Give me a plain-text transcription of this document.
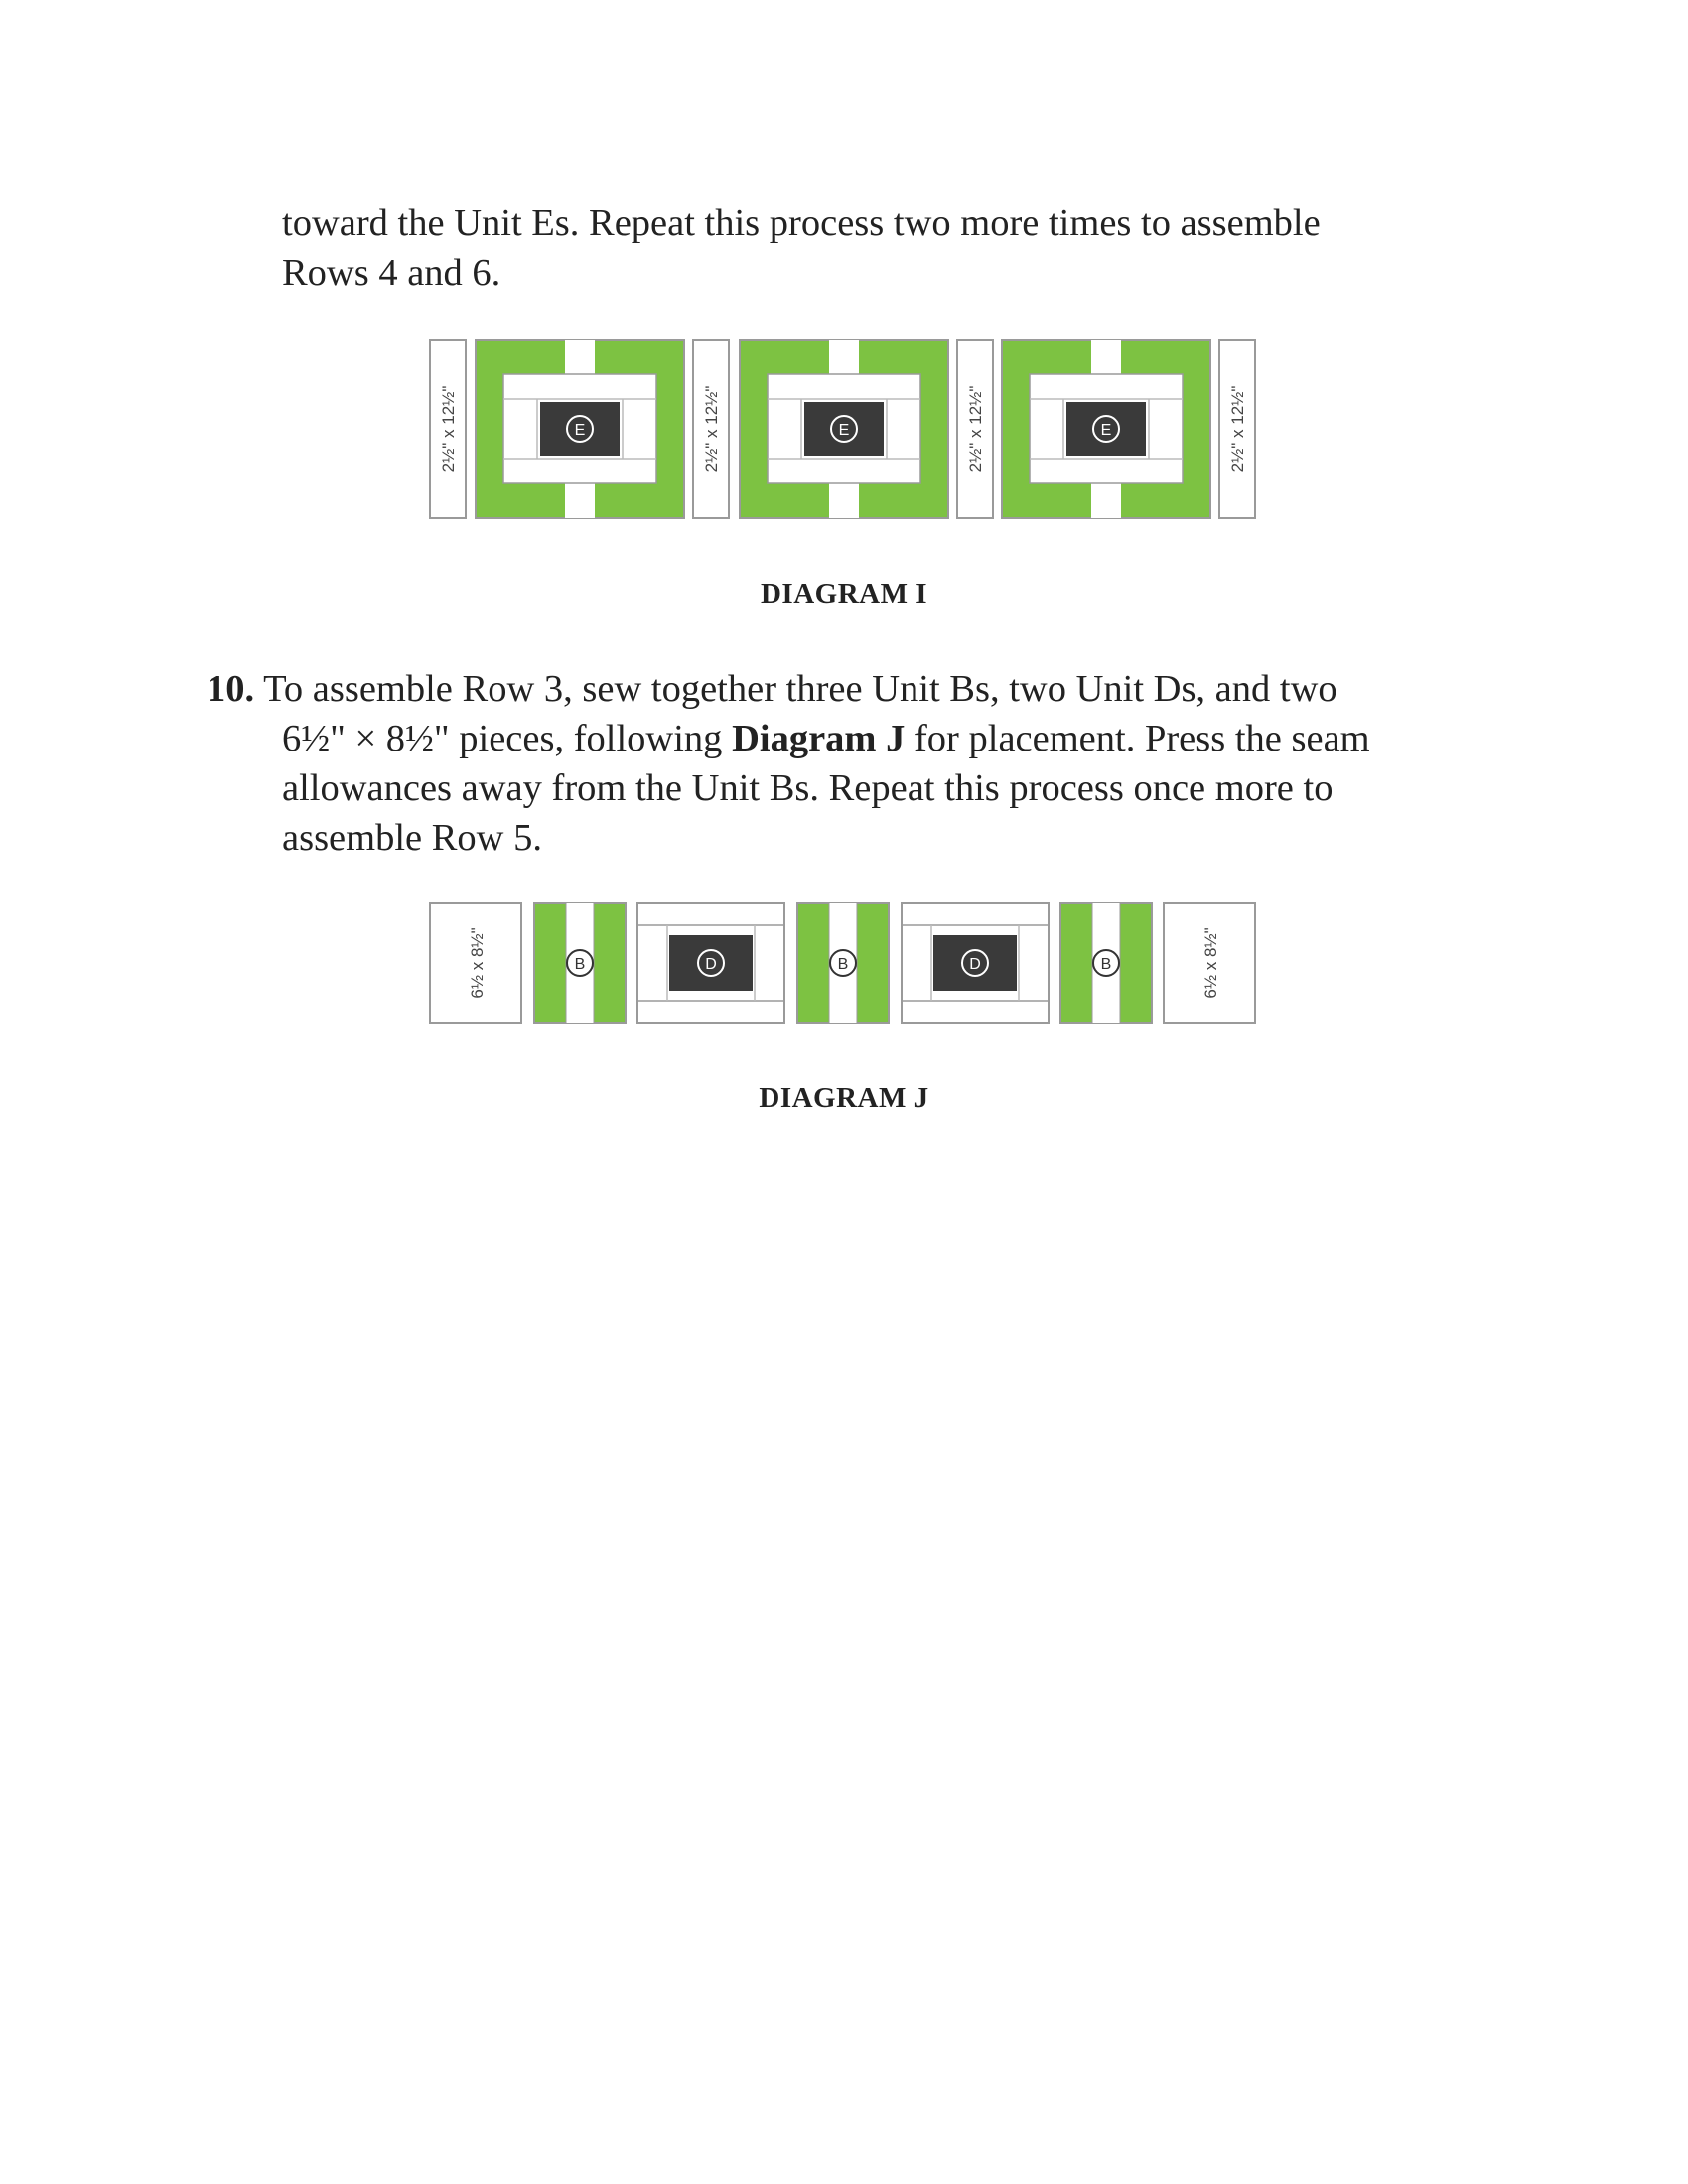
toward the Unit Es. Repeat this process two more times to assemble
Rows 4 and 6.
2½" x 12½"	2½" x 12½"	2½" x 12½"	2½" x 12½"
E	E	E
DIAGRAM I
10. To assemble Row 3, sew together three Unit Bs, two Unit Ds, and two
6½" × 8½" pieces, following Diagram J for placement. Press the seam
allowances away from the Unit Bs. Repeat this process once more to
assemble Row 5.
6½ x 8½"	6½ x 8½"
B	B	B
D	D
DIAGRAM J
